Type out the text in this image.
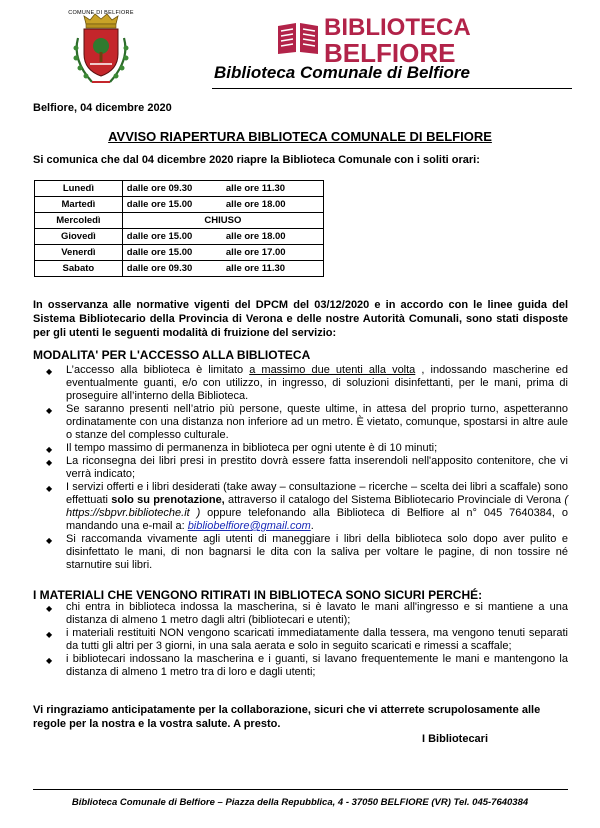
COMUNE DI BELFIORE
BIBLIOTECA
BELFIORE
Biblioteca Comunale di Belfiore
Belfiore, 04 dicembre 2020
AVVISO RIAPERTURA BIBLIOTECA COMUNALE DI BELFIORE
Si comunica che dal 04 dicembre 2020 riapre la Biblioteca Comunale con i soliti orari:
Lunedì	dalle ore 09.30	alle ore 11.30
Martedì	dalle ore 15.00	alle ore 18.00
Mercoledì	CHIUSO	
Giovedì	dalle ore 15.00	alle ore 18.00
Venerdì	dalle ore 15.00	alle ore 17.00
Sabato	dalle ore 09.30	alle ore 11.30
In osservanza alle normative vigenti del DPCM del 03/12/2020 e in accordo con le linee guida del Sistema Bibliotecario della Provincia di Verona e delle nostre Autorità Comunali, sono stati disposte per gli utenti le seguenti modalità di fruizione del servizio:
MODALITA' PER L'ACCESSO ALLA BIBLIOTECA
◆ L’accesso alla biblioteca è limitato a massimo due utenti alla volta , indossando mascherine ed eventualmente guanti, e/o con utilizzo, in ingresso, di soluzioni disinfettanti, per le mani, prima di proseguire all’interno della Biblioteca.
◆ Se saranno presenti nell’atrio più persone, queste ultime, in attesa del proprio turno, aspetteranno ordinatamente con una distanza non inferiore ad un metro. È vietato, comunque, spostarsi in altre aule o stanze del complesso culturale.
◆ Il tempo massimo di permanenza in biblioteca per ogni utente è di 10 minuti;
◆ La riconsegna dei libri presi in prestito dovrà essere fatta inserendoli nell'apposito contenitore, che vi verrà indicato;
◆ I servizi offerti e i libri desiderati (take away – consultazione – ricerche – scelta dei libri a scaffale) sono effettuati solo su prenotazione, attraverso il catalogo del Sistema Bibliotecario Provinciale di Verona ( https://sbpvr.biblioteche.it ) oppure telefonando alla Biblioteca di Belfiore al n° 045 7640384, o mandando una e-mail a: bibliobelfiore@gmail.com.
◆ Si raccomanda vivamente agli utenti di maneggiare i libri della biblioteca solo dopo aver pulito e disinfettato le mani, di non bagnarsi le dita con la saliva per voltare le pagine, di non tossire né starnutire sui libri.
I MATERIALI CHE VENGONO RITIRATI IN BIBLIOTECA SONO SICURI PERCHÉ:
◆ chi entra in biblioteca indossa la mascherina, si è lavato le mani all'ingresso e si mantiene a una distanza di almeno 1 metro dagli altri (bibliotecari e utenti);
◆ i materiali restituiti NON vengono scaricati immediatamente dalla tessera, ma vengono tenuti separati da tutti gli altri per 3 giorni, in una sala aerata e solo in seguito scaricati e rimessi a scaffale;
◆ i bibliotecari indossano la mascherina e i guanti, si lavano frequentemente le mani e mantengono la distanza di almeno 1 metro tra di loro e dagli utenti;
Vi ringraziamo anticipatamente per la collaborazione, sicuri che vi atterrete scrupolosamente alle regole per la nostra e la vostra salute. A presto.
I Bibliotecari
Biblioteca Comunale di Belfiore – Piazza della Repubblica, 4 - 37050 BELFIORE (VR) Tel. 045-7640384
